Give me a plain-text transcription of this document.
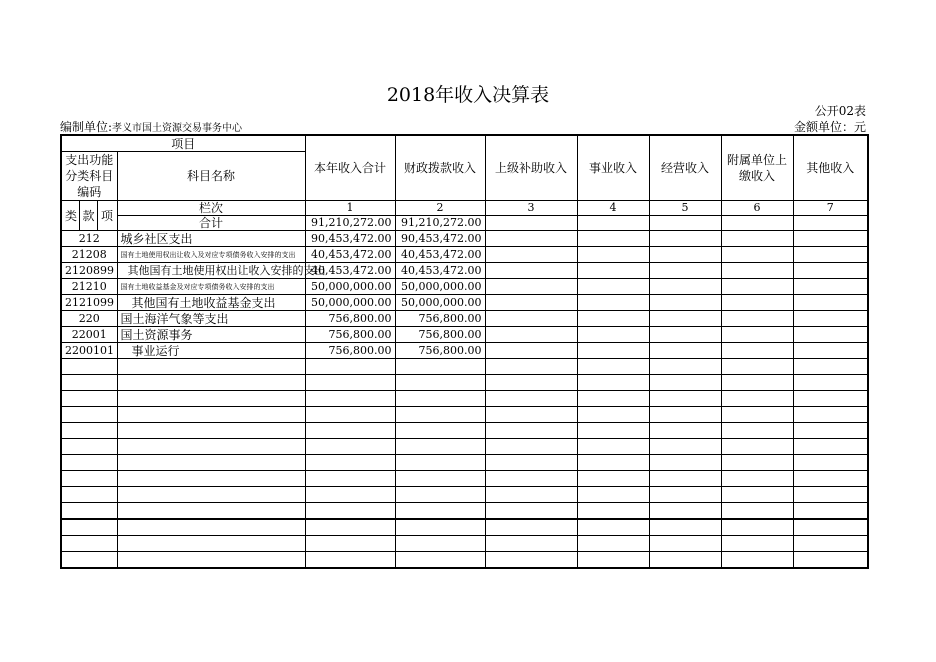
2018年收入决算表
公开02表
编制单位:孝义市国土资源交易事务中心	金额单位：元
项目				本年收入合计	财政拨款收入	上级补助收入	事业收入	经营收入	附属单位上缴收入	其他收入
支出功能分类科目编码			科目名称							
类	款	项	栏次	1	2	3	4	5	6	7
			合计	91,210,272.00	91,210,272.00					
212			城乡社区支出	90,453,472.00	90,453,472.00					
21208			国有土地使用权出让收入及对应专项债务收入安排的支出	40,453,472.00	40,453,472.00					
2120899			其他国有土地使用权出让收入安排的支出	40,453,472.00	40,453,472.00					
21210			国有土地收益基金及对应专项债务收入安排的支出	50,000,000.00	50,000,000.00					
2121099			其他国有土地收益基金支出	50,000,000.00	50,000,000.00					
220			国土海洋气象等支出	756,800.00	756,800.00					
22001			国土资源事务	756,800.00	756,800.00					
2200101			事业运行	756,800.00	756,800.00					
